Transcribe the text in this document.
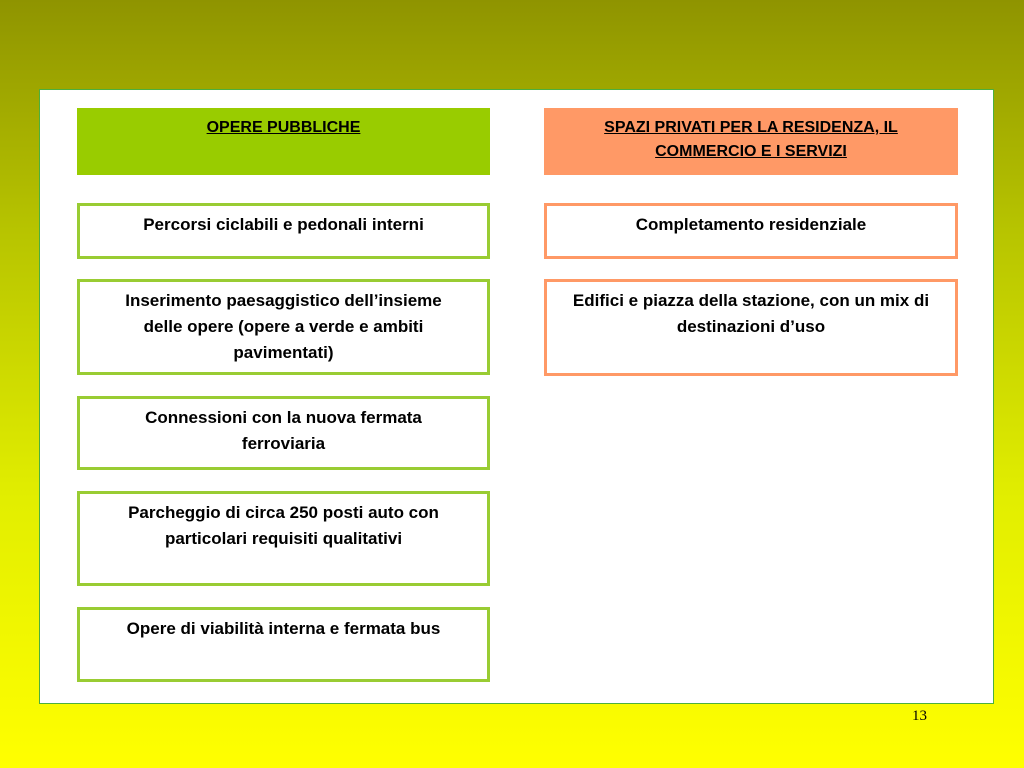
OPERE PUBBLICHE	SPAZI PRIVATI PER LA RESIDENZA, IL COMMERCIO E I SERVIZI
Percorsi ciclabili e pedonali interni
Inserimento paesaggistico dell’insieme delle opere (opere a verde e ambiti pavimentati)
Connessioni con la nuova fermata ferroviaria
Parcheggio di circa 250 posti auto con particolari requisiti qualitativi
Opere di viabilità interna e fermata bus
Completamento residenziale
Edifici e piazza della stazione, con un mix di destinazioni d’uso
13
